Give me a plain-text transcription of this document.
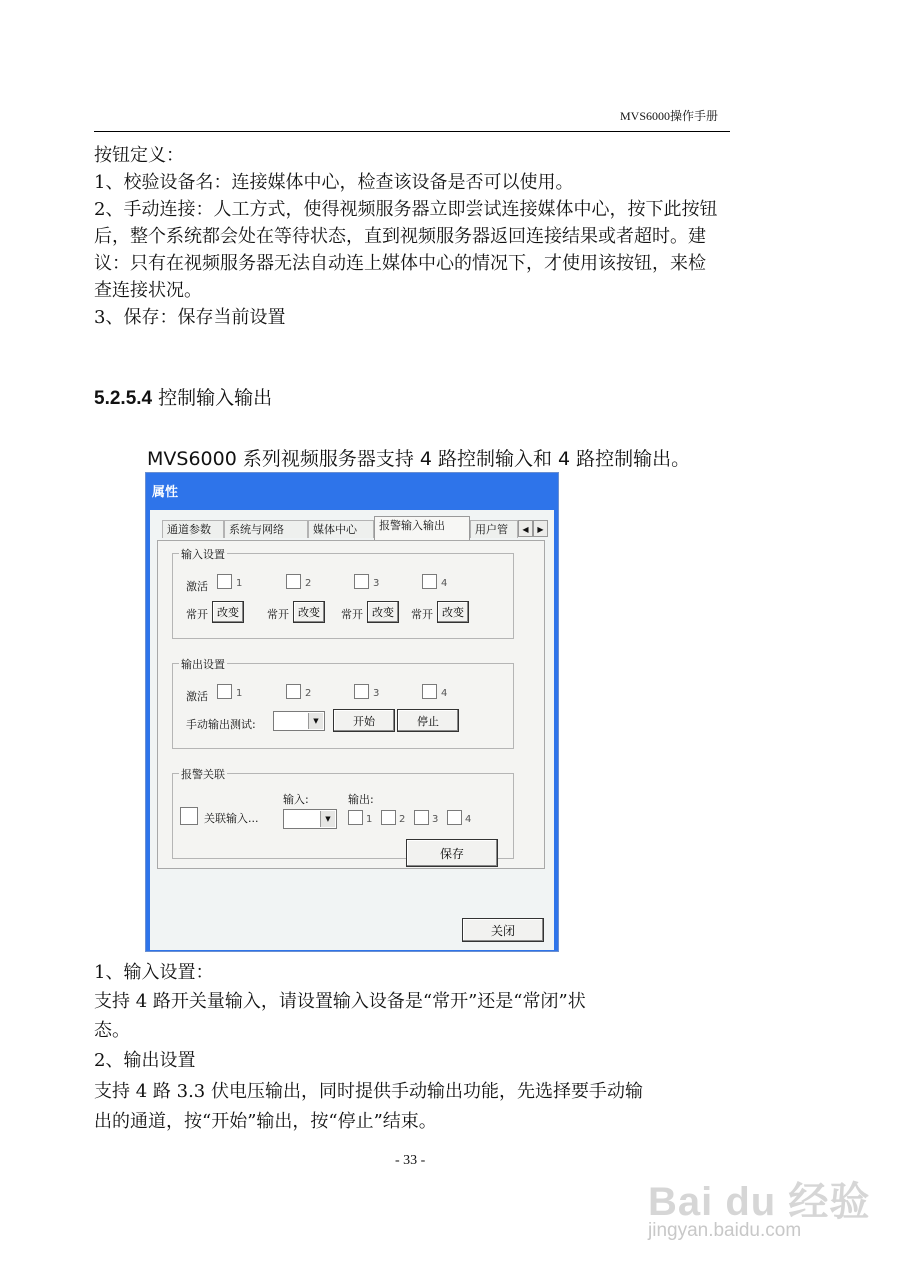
MVS6000操作手册
按钮定义：
1、校验设备名：连接媒体中心，检查该设备是否可以使用。
2、手动连接：人工方式，使得视频服务器立即尝试连接媒体中心，按下此按钮
后，整个系统都会处在等待状态，直到视频服务器返回连接结果或者超时。建
议：只有在视频服务器无法自动连上媒体中心的情况下，才使用该按钮，来检
查连接状况。
3、保存：保存当前设置
5.2.5.4 控制输入输出
MVS6000 系列视频服务器支持 4 路控制输入和 4 路控制输出。
属性
通道参数	系统与网络	媒体中心	报警输入输出	用户管	◀	▶
输入设置
激活	1	2	3	4
常开 改变	常开 改变	常开 改变	常开 改变
输出设置
激活	1	2	3	4
手动输出测试:	▼	开始	停止
报警关联
关联输入...
输入:
▼
输出:
1	2	3	4
保存
关闭
1、输入设置：
支持 4 路开关量输入，请设置输入设备是“常开”还是“常闭”状
态。
2、输出设置
支持 4 路 3.3 伏电压输出，同时提供手动输出功能，先选择要手动输
出的通道，按“开始”输出，按“停止”结束。
- 33 -
Bai du 经验
jingyan.baidu.com
